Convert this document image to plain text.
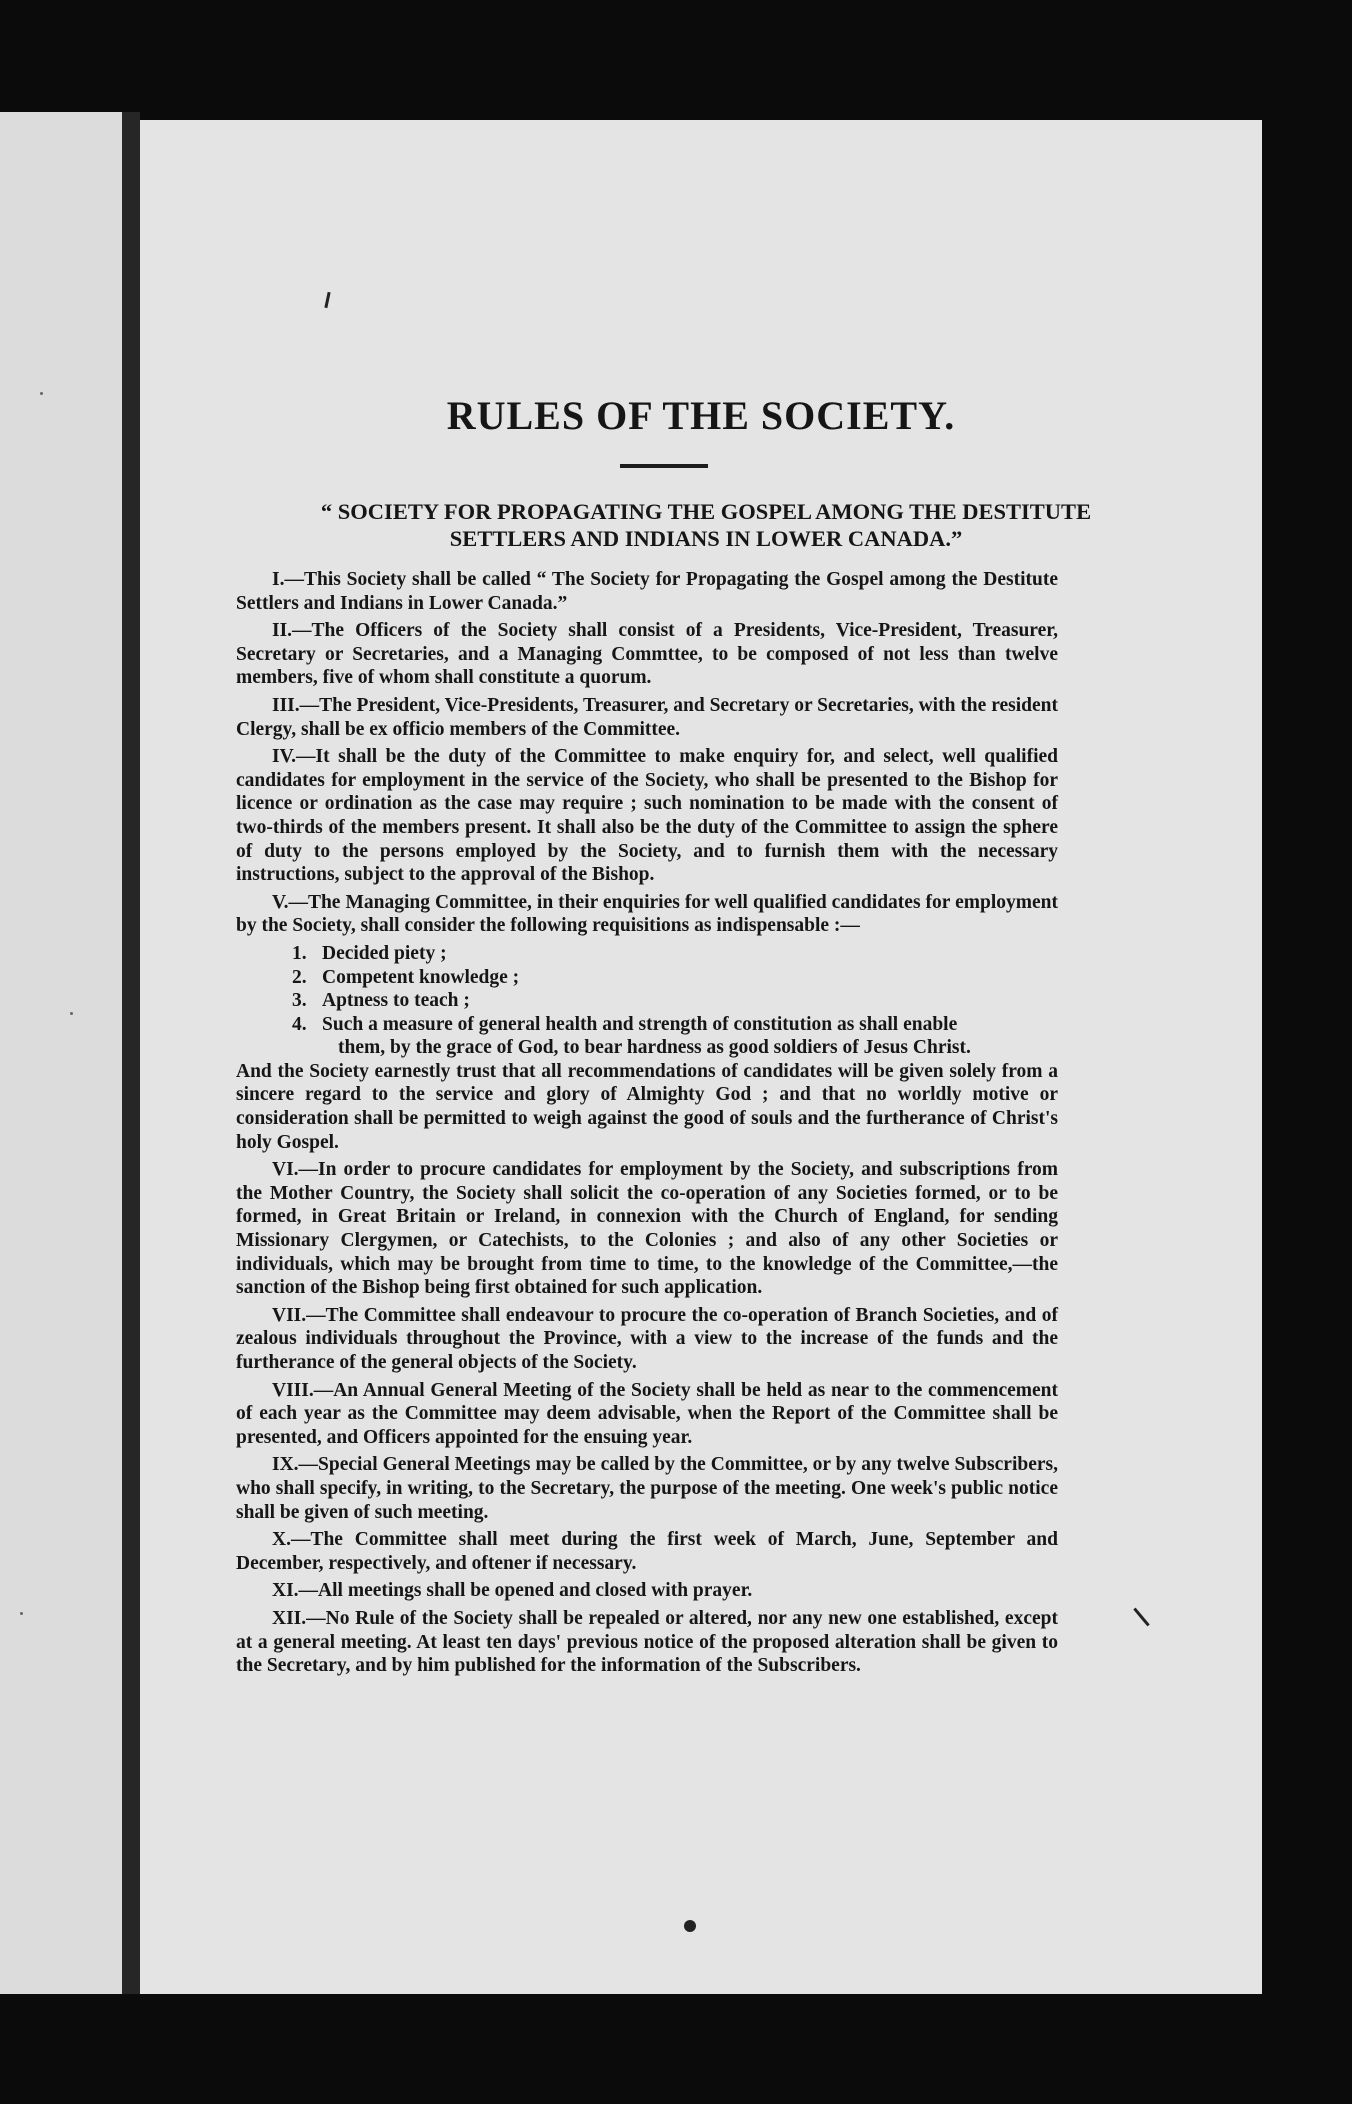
RULES OF THE SOCIETY.
“ SOCIETY FOR PROPAGATING THE GOSPEL AMONG THE DESTITUTE
SETTLERS AND INDIANS IN LOWER CANADA.”

I.—This Society shall be called “ The Society for Propagating the Gospel among the Destitute Settlers and Indians in Lower Canada.”

II.—The Officers of the Society shall consist of a Presidents, Vice-President, Treasurer, Secretary or Secretaries, and a Managing Commttee, to be composed of not less than twelve members, five of whom shall constitute a quorum.

III.—The President, Vice-Presidents, Treasurer, and Secretary or Secretaries, with the resident Clergy, shall be ex officio members of the Committee.

IV.—It shall be the duty of the Committee to make enquiry for, and select, well qualified candidates for employment in the service of the Society, who shall be presented to the Bishop for licence or ordination as the case may require ; such nomination to be made with the consent of two-thirds of the members present. It shall also be the duty of the Committee to assign the sphere of duty to the persons employed by the Society, and to furnish them with the necessary instructions, subject to the approval of the Bishop.

V.—The Managing Committee, in their enquiries for well qualified candidates for employment by the Society, shall consider the following requisitions as indispensable :—

1. Decided piety ;
2. Competent knowledge ;
3. Aptness to teach ;
4. Such a measure of general health and strength of constitution as shall enable
them, by the grace of God, to bear hardness as good soldiers of Jesus Christ.

And the Society earnestly trust that all recommendations of candidates will be given solely from a sincere regard to the service and glory of Almighty God ; and that no worldly motive or consideration shall be permitted to weigh against the good of souls and the furtherance of Christ's holy Gospel.

VI.—In order to procure candidates for employment by the Society, and subscriptions from the Mother Country, the Society shall solicit the co-operation of any Societies formed, or to be formed, in Great Britain or Ireland, in connexion with the Church of England, for sending Missionary Clergymen, or Catechists, to the Colonies ; and also of any other Societies or individuals, which may be brought from time to time, to the knowledge of the Committee,—the sanction of the Bishop being first obtained for such application.

VII.—The Committee shall endeavour to procure the co-operation of Branch Societies, and of zealous individuals throughout the Province, with a view to the increase of the funds and the furtherance of the general objects of the Society.

VIII.—An Annual General Meeting of the Society shall be held as near to the commencement of each year as the Committee may deem advisable, when the Report of the Committee shall be presented, and Officers appointed for the ensuing year.

IX.—Special General Meetings may be called by the Committee, or by any twelve Subscribers, who shall specify, in writing, to the Secretary, the purpose of the meeting. One week's public notice shall be given of such meeting.

X.—The Committee shall meet during the first week of March, June, September and December, respectively, and oftener if necessary.

XI.—All meetings shall be opened and closed with prayer.

XII.—No Rule of the Society shall be repealed or altered, nor any new one established, except at a general meeting. At least ten days' previous notice of the proposed alteration shall be given to the Secretary, and by him published for the information of the Subscribers.
